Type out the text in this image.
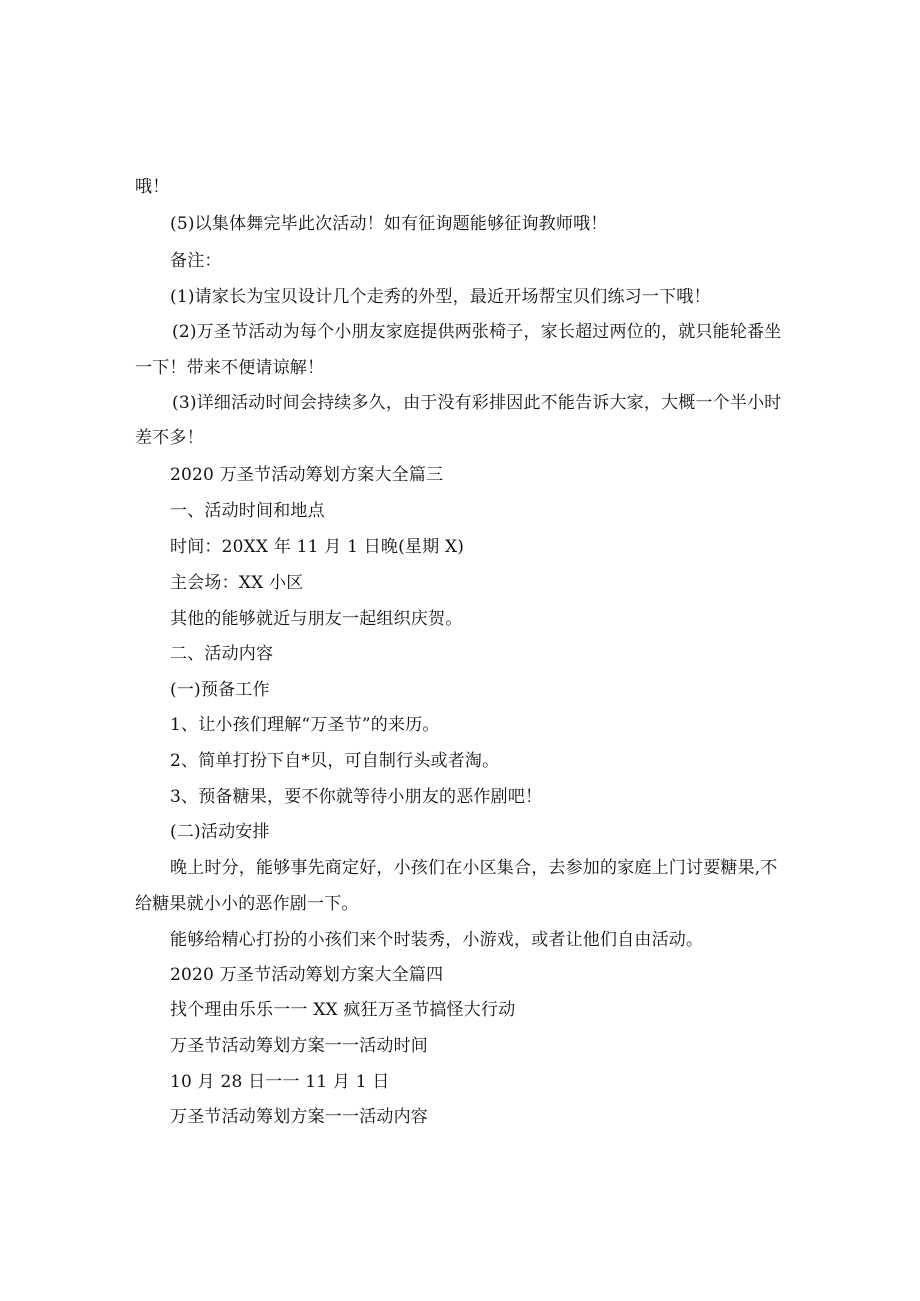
哦！
(5)以集体舞完毕此次活动！如有征询题能够征询教师哦！
备注：
(1)请家长为宝贝设计几个走秀的外型，最近开场帮宝贝们练习一下哦！
(2)万圣节活动为每个小朋友家庭提供两张椅子，家长超过两位的，就只能轮番坐
一下！带来不便请谅解！
(3)详细活动时间会持续多久，由于没有彩排因此不能告诉大家，大概一个半小时
差不多！
2020 万圣节活动筹划方案大全篇三
一、活动时间和地点
时间：20XX 年 11 月 1 日晚(星期 X)
主会场：XX 小区
其他的能够就近与朋友一起组织庆贺。
二、活动内容
(一)预备工作
1、让小孩们理解“万圣节”的来历。
2、简单打扮下自*贝，可自制行头或者淘。
3、预备糖果，要不你就等待小朋友的恶作剧吧！
(二)活动安排
晚上时分，能够事先商定好，小孩们在小区集合，去参加的家庭上门讨要糖果,不
给糖果就小小的恶作剧一下。
能够给精心打扮的小孩们来个时装秀，小游戏，或者让他们自由活动。
2020 万圣节活动筹划方案大全篇四
找个理由乐乐一一 XX 疯狂万圣节搞怪大行动
万圣节活动筹划方案一一活动时间
10 月 28 日一一 11 月 1 日
万圣节活动筹划方案一一活动内容
